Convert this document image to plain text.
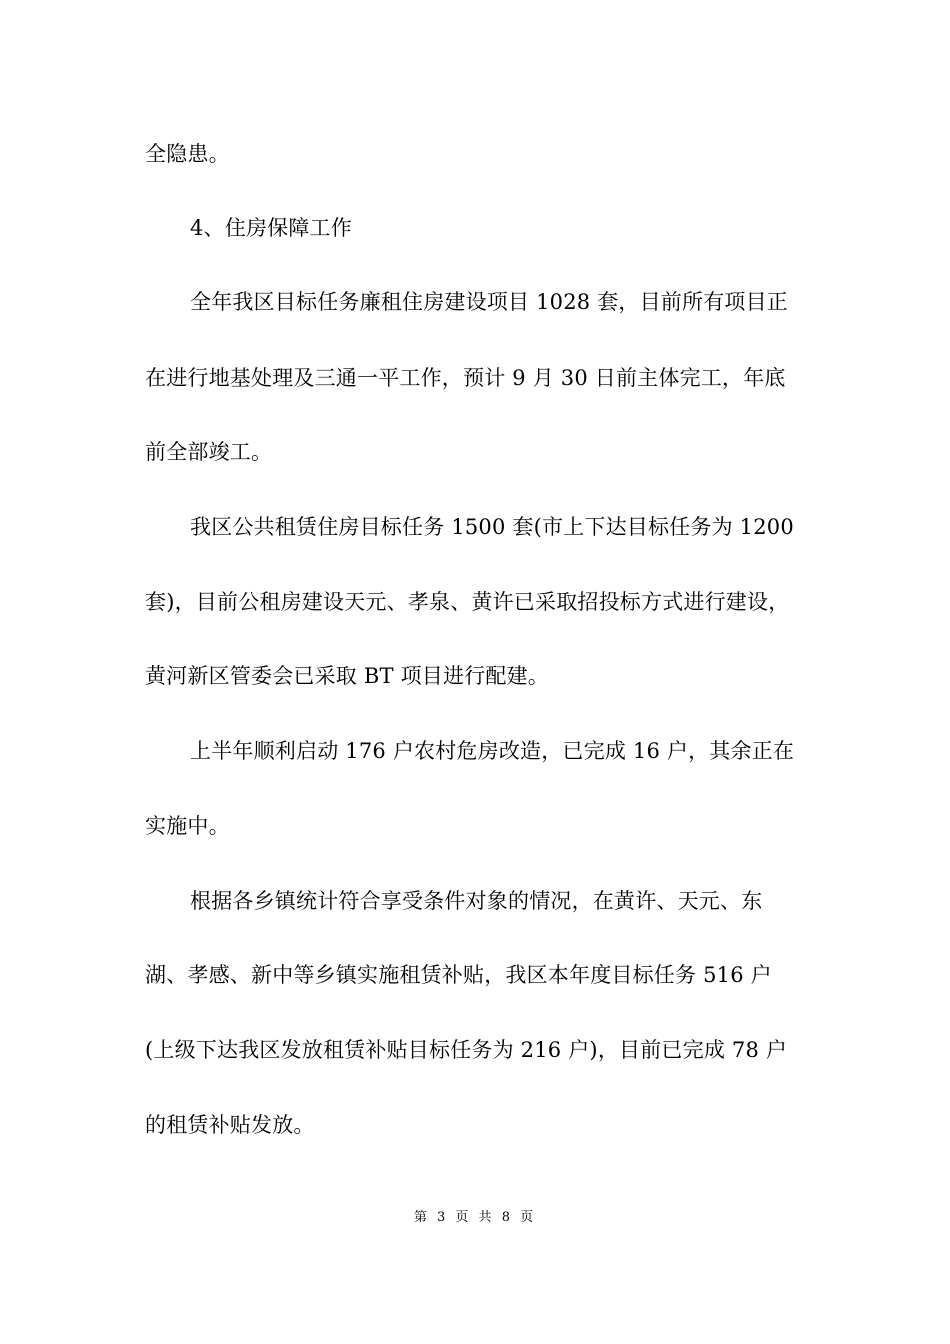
全隐患。
4、住房保障工作
全年我区目标任务廉租住房建设项目 1028 套，目前所有项目正
在进行地基处理及三通一平工作，预计 9 月 30 日前主体完工，年底
前全部竣工。
我区公共租赁住房目标任务 1500 套(市上下达目标任务为 1200
套)，目前公租房建设天元、孝泉、黄许已采取招投标方式进行建设，
黄河新区管委会已采取 BT 项目进行配建。
上半年顺利启动 176 户农村危房改造，已完成 16 户，其余正在
实施中。
根据各乡镇统计符合享受条件对象的情况，在黄许、天元、东
湖、孝感、新中等乡镇实施租赁补贴，我区本年度目标任务 516 户
(上级下达我区发放租赁补贴目标任务为 216 户)，目前已完成 78 户
的租赁补贴发放。
第 3 页 共 8 页
